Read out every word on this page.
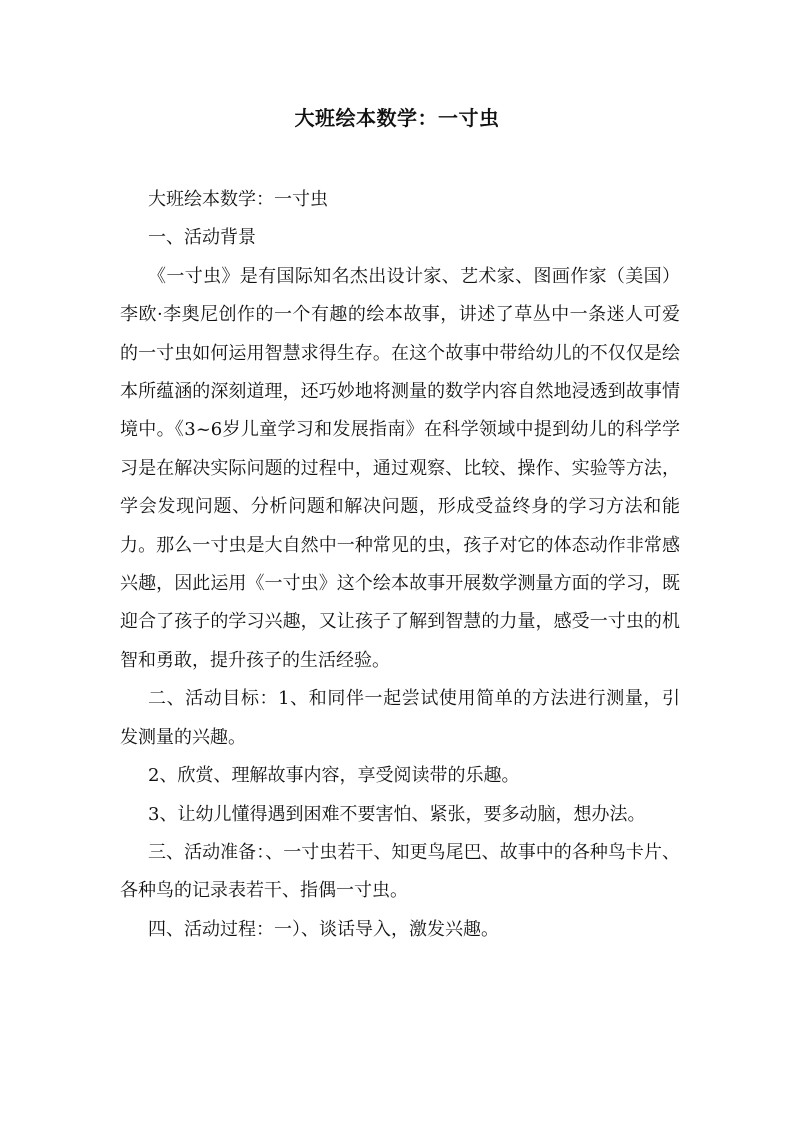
大班绘本数学：一寸虫

大班绘本数学：一寸虫

一、活动背景

《一寸虫》是有国际知名杰出设计家、艺术家、图画作家（美国）李欧·李奥尼创作的一个有趣的绘本故事，讲述了草丛中一条迷人可爱的一寸虫如何运用智慧求得生存。在这个故事中带给幼儿的不仅仅是绘本所蕴涵的深刻道理，还巧妙地将测量的数学内容自然地浸透到故事情境中。《3~6岁儿童学习和发展指南》在科学领域中提到幼儿的科学学习是在解决实际问题的过程中，通过观察、比较、操作、实验等方法，学会发现问题、分析问题和解决问题，形成受益终身的学习方法和能力。那么一寸虫是大自然中一种常见的虫，孩子对它的体态动作非常感兴趣，因此运用《一寸虫》这个绘本故事开展数学测量方面的学习，既迎合了孩子的学习兴趣，又让孩子了解到智慧的力量，感受一寸虫的机智和勇敢，提升孩子的生活经验。

二、活动目标：1、和同伴一起尝试使用简单的方法进行测量，引发测量的兴趣。

2、欣赏、理解故事内容，享受阅读带的乐趣。

3、让幼儿懂得遇到困难不要害怕、紧张，要多动脑，想办法。

三、活动准备：、一寸虫若干、知更鸟尾巴、故事中的各种鸟卡片、各种鸟的记录表若干、指偶一寸虫。

四、活动过程：一）、谈话导入，激发兴趣。
